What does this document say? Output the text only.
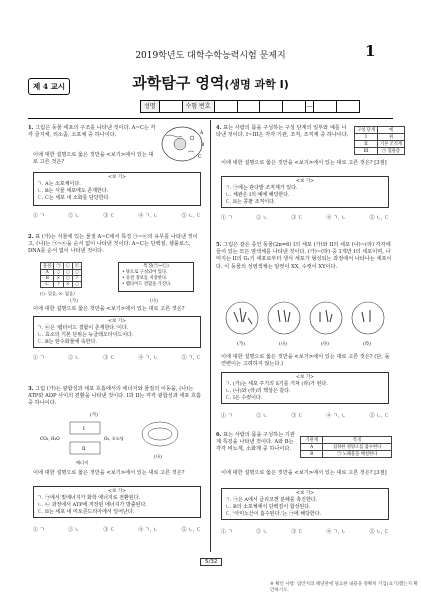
2019학년도 대학수학능력시험 문제지	1
제 4 교시	과학탐구 영역(생명 과학 I)
성명	수험 번호	—
1. 그림은 동물 세포의 구조를 나타낸 것이다. A~C는 각각 골지체, 리소좀, 소포체 중 하나이다.	A
B
C
이에 대한 설명으로 옳은 것만을 <보기>에서 있는 대로 고른 것은?
<보 기>
ㄱ. A는 소포체이다.
ㄴ. B는 식물 세포에도 존재한다.
ㄷ. C는 세포 내 소화를 담당한다.
① ㄱ	② ㄴ	③ ㄷ	④ ㄱ, ㄴ	⑤ ㄴ, ㄷ
2. 표 (가)는 식물에 있는 물질 A~C에서 특징 ㉠~㉢의 유무를 나타낸 것이고, (나)는 ㉠~㉢을 순서 없이 나타낸 것이다. A~C는 단백질, 셀룰로스, DNA를 순서 없이 나타낸 것이다.
물질	㉠	㉡	㉢
A	○	○	○
B	×	○	?
C	?	×	○
(○: 있음, ×: 없음)
특징(㉠~㉢)
• 당으로 구성되어 있다.
• 유전 정보를 저장한다.
• 펩타이드 결합을 가진다.
(가)	(나)
이에 대한 설명으로 옳은 것만을 <보기>에서 있는 대로 고른 것은?
<보 기>
ㄱ. ㉢은 '펩타이드 결합이 존재한다.'이다.
ㄴ. 효소의 기본 단위는 뉴클레오타이드이다.
ㄷ. B는 탄수화물에 속한다.
① ㄱ	② ㄴ	③ ㄷ	④ ㄱ, ㄴ	⑤ ㄱ, ㄷ
3. 그림 (가)는 광합성과 세포 호흡에서의 에너지와 물질의 이동을, (나)는 ATP와 ADP 사이의 전환을 나타낸 것이다. I과 II는 각각 광합성과 세포 호흡 중 하나이다.
I
II
CO₂, H₂O	O₂, 포도당
에너지
(가)
(나)
이에 대한 설명으로 옳은 것만을 <보기>에서 있는 대로 고른 것은?
<보 기>
ㄱ. ㉠에서 빛에너지가 화학 에너지로 전환된다.
ㄴ. ㉡ 과정에서 ATP에 저장된 에너지가 방출된다.
ㄷ. II는 세포 내 미토콘드리아에서 일어난다.
① ㄱ	② ㄴ	③ ㄷ	④ ㄱ, ㄴ	⑤ ㄴ, ㄷ
4. 표는 사람의 몸을 구성하는 구성 단계의 일부와 예를 나타낸 것이다. I~III은 각각 기관, 조직, 조직계 중 하나이다.
구성 단계	예
I	위
II	기본 조직계
III	㉠ 혈관층
이에 대한 설명으로 옳은 것만을 <보기>에서 있는 대로 고른 것은? [3점]
<보 기>
ㄱ. ㉠에는 관다발 조직계가 있다.
ㄴ. 체관은 I의 예에 해당한다.
ㄷ. II는 콩팥 조직이다.
① ㄱ	② ㄴ	③ ㄷ	④ ㄱ, ㄴ	⑤ ㄴ, ㄷ
5. 그림은 같은 종인 동물(2n=6) I의 세포 (가)와 II의 세포 (나)~(라) 각각에 들어 있는 모든 염색체를 나타낸 것이다. (가)~(라) 중 1개만 I의 세포이며, 나머지는 II의 G₁기 세포로부터 생식 세포가 형성되는 과정에서 나타나는 세포이다. 이 동물의 성염색체는 암컷이 XX, 수컷이 XY이다.
(가)	(나)	(다)	(라)
이에 대한 설명으로 옳은 것만을 <보기>에서 있는 대로 고른 것은? (단, 돌연변이는 고려하지 않는다.)
<보 기>
ㄱ. (가)는 세포 주기의 S기를 거쳐 (라)가 된다.
ㄴ. (나)와 (라)의 핵상은 같다.
ㄷ. I은 수컷이다.
① ㄱ	② ㄴ	③ ㄷ	④ ㄱ, ㄴ	⑤ ㄴ, ㄷ
6. 표는 사람의 몸을 구성하는 기관계 특징을 나타낸 것이다. A와 B는 각각 비뇨계, 소화계 중 하나이다.
기관계	특징
A	섭취한 영양소를 흡수한다
B	㉠ 노폐물을 배설한다
이에 대한 설명으로 옳은 것만을 <보기>에서 있는 대로 고른 것은? [3점]
<보 기>
ㄱ. ㉠은 A에서 글리코겐 분해를 촉진한다.
ㄴ. B의 소포체에서 단백질이 합성된다.
ㄷ. '아미노산이 흡수된다.'는 ㉠에 해당한다.
① ㄱ	② ㄴ	③ ㄷ	④ ㄱ, ㄴ	⑤ ㄴ, ㄷ
5/32
※ 확인 사항: 답안지의 해당란에 필요한 내용을 정확히 기입(표기)했는지 확인하시오.
